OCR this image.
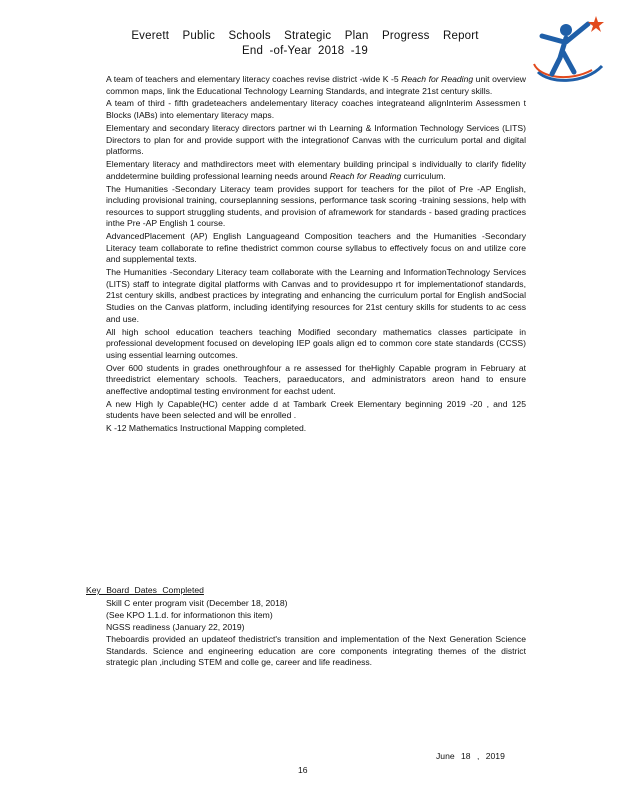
Everett Public Schools Strategic Plan Progress Report
End -of-Year 2018 -19
A team of teachers and elementary literacy coaches revise district -wide K -5 Reach for Reading unit overview common maps, link the Educational Technology Learning Standards, and integrate 21st century skills.
A team of third - fifth gradeteachers andelementary literacy coaches integrateand alignInterim Assessmen t Blocks (IABs) into elementary literacy maps.
Elementary and secondary literacy directors partner wi th Learning & Information Technology Services (LITS) Directors to plan for and provide support with the integrationof Canvas with the curriculum portal and digital platforms.
Elementary literacy and mathdirectors meet with elementary building principal s individually to clarify fidelity anddetermine building professional learning needs around Reach for Reading curriculum.
The Humanities -Secondary Literacy team provides support for teachers for the pilot of Pre -AP English, including provisional training, courseplanning sessions, performance task scoring -training sessions, help with resources to support struggling students, and provision of aframework for standards - based grading practices inthe Pre -AP English 1 course.
AdvancedPlacement (AP) English Languageand Composition teachers and the Humanities -Secondary Literacy team collaborate to refine thedistrict common course syllabus to effectively focus on and utilize core and supplemental texts.
The Humanities -Secondary Literacy team collaborate with the Learning and InformationTechnology Services (LITS) staff to integrate digital platforms with Canvas and to providesuppo rt for implementationof standards, 21st century skills, andbest practices by integrating and enhancing the curriculum portal for English andSocial Studies on the Canvas platform, including identifying resources for 21st century skills for students to ac cess and use.
All high school education teachers teaching Modified secondary mathematics classes participate in professional development focused on developing IEP goals align ed to common core state standards (CCSS) using essential learning outcomes.
Over 600 students in grades onethroughfour a re assessed for theHighly Capable program in February at threedistrict elementary schools. Teachers, paraeducators, and administrators areon hand to ensure aneffective andoptimal testing environment for eachst udent.
A new High ly Capable(HC) center adde d at Tambark Creek Elementary beginning 2019 -20 , and 125 students have been selected and will be enrolled .
K -12 Mathematics Instructional Mapping completed.
Key Board Dates Completed
Skill C enter program visit (December 18, 2018)
(See KPO 1.1.d. for informationon this item)
NGSS readiness (January 22, 2019)
Theboardis provided an updateof thedistrict's transition and implementation of the Next Generation Science Standards. Science and engineering education are core components integrating themes of the district strategic plan ,including STEM and colle ge, career and life readiness.
June 18 , 2019
16
